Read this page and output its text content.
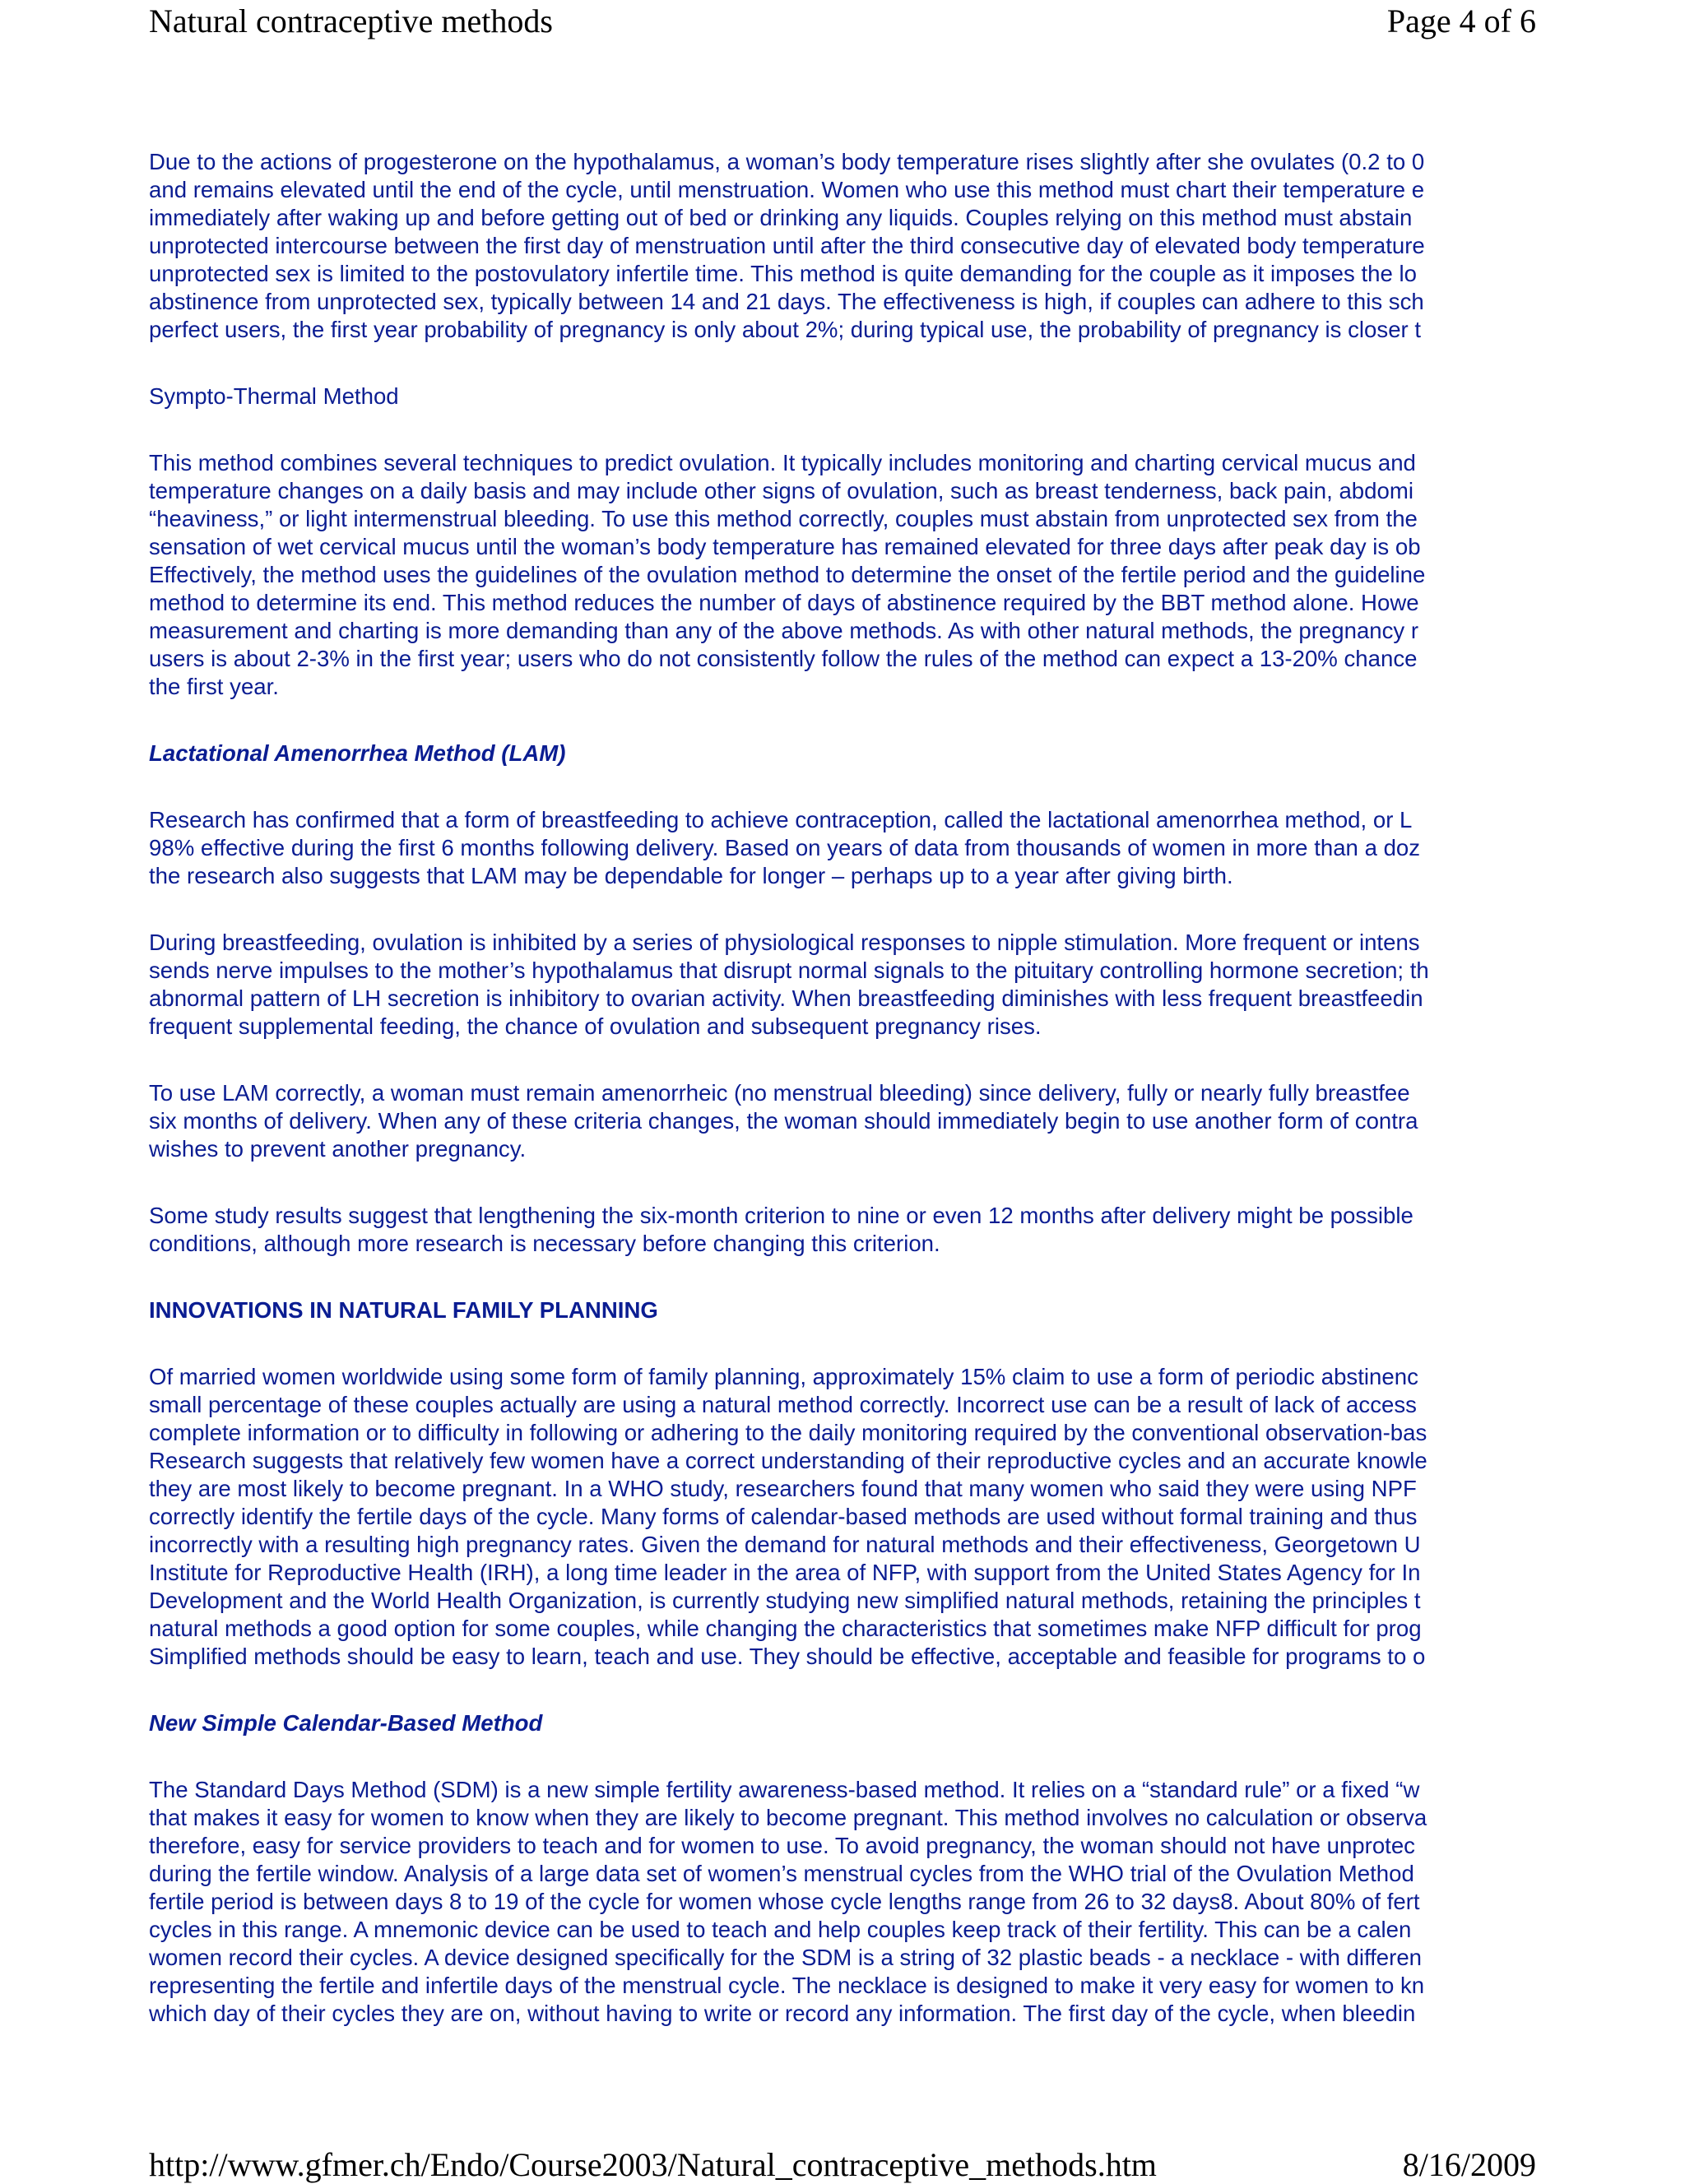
Natural contraceptive methods	Page 4 of 6
Due to the actions of progesterone on the hypothalamus, a woman’s body temperature rises slightly after she ovulates (0.2 to 0
and remains elevated until the end of the cycle, until menstruation. Women who use this method must chart their temperature e
immediately after waking up and before getting out of bed or drinking any liquids. Couples relying on this method must abstain
unprotected intercourse between the first day of menstruation until after the third consecutive day of elevated body temperature
unprotected sex is limited to the postovulatory infertile time. This method is quite demanding for the couple as it imposes the lo
abstinence from unprotected sex, typically between 14 and 21 days. The effectiveness is high, if couples can adhere to this sch
perfect users, the first year probability of pregnancy is only about 2%; during typical use, the probability of pregnancy is closer t
Sympto-Thermal Method
This method combines several techniques to predict ovulation. It typically includes monitoring and charting cervical mucus and
temperature changes on a daily basis and may include other signs of ovulation, such as breast tenderness, back pain, abdomi
“heaviness,” or light intermenstrual bleeding. To use this method correctly, couples must abstain from unprotected sex from the
sensation of wet cervical mucus until the woman’s body temperature has remained elevated for three days after peak day is ob
Effectively, the method uses the guidelines of the ovulation method to determine the onset of the fertile period and the guideline
method to determine its end. This method reduces the number of days of abstinence required by the BBT method alone. Howe
measurement and charting is more demanding than any of the above methods. As with other natural methods, the pregnancy r
users is about 2-3% in the first year; users who do not consistently follow the rules of the method can expect a 13-20% chance
the first year.
Lactational Amenorrhea Method (LAM)
Research has confirmed that a form of breastfeeding to achieve contraception, called the lactational amenorrhea method, or L
98% effective during the first 6 months following delivery. Based on years of data from thousands of women in more than a doz
the research also suggests that LAM may be dependable for longer – perhaps up to a year after giving birth.
During breastfeeding, ovulation is inhibited by a series of physiological responses to nipple stimulation. More frequent or intens
sends nerve impulses to the mother’s hypothalamus that disrupt normal signals to the pituitary controlling hormone secretion; th
abnormal pattern of LH secretion is inhibitory to ovarian activity. When breastfeeding diminishes with less frequent breastfeedin
frequent supplemental feeding, the chance of ovulation and subsequent pregnancy rises.
To use LAM correctly, a woman must remain amenorrheic (no menstrual bleeding) since delivery, fully or nearly fully breastfee
six months of delivery. When any of these criteria changes, the woman should immediately begin to use another form of contra
wishes to prevent another pregnancy.
Some study results suggest that lengthening the six-month criterion to nine or even 12 months after delivery might be possible
conditions, although more research is necessary before changing this criterion.
INNOVATIONS IN NATURAL FAMILY PLANNING
Of married women worldwide using some form of family planning, approximately 15% claim to use a form of periodic abstinenc
small percentage of these couples actually are using a natural method correctly. Incorrect use can be a result of lack of access
complete information or to difficulty in following or adhering to the daily monitoring required by the conventional observation-bas
Research suggests that relatively few women have a correct understanding of their reproductive cycles and an accurate knowle
they are most likely to become pregnant. In a WHO study, researchers found that many women who said they were using NPF
correctly identify the fertile days of the cycle. Many forms of calendar-based methods are used without formal training and thus
incorrectly with a resulting high pregnancy rates. Given the demand for natural methods and their effectiveness, Georgetown U
Institute for Reproductive Health (IRH), a long time leader in the area of NFP, with support from the United States Agency for In
Development and the World Health Organization, is currently studying new simplified natural methods, retaining the principles t
natural methods a good option for some couples, while changing the characteristics that sometimes make NFP difficult for prog
Simplified methods should be easy to learn, teach and use. They should be effective, acceptable and feasible for programs to o
New Simple Calendar-Based Method
The Standard Days Method (SDM) is a new simple fertility awareness-based method. It relies on a “standard rule” or a fixed “w
that makes it easy for women to know when they are likely to become pregnant. This method involves no calculation or observa
therefore, easy for service providers to teach and for women to use. To avoid pregnancy, the woman should not have unprotec
during the fertile window. Analysis of a large data set of women’s menstrual cycles from the WHO trial of the Ovulation Method
fertile period is between days 8 to 19 of the cycle for women whose cycle lengths range from 26 to 32 days8. About 80% of fert
cycles in this range. A mnemonic device can be used to teach and help couples keep track of their fertility. This can be a calen
women record their cycles. A device designed specifically for the SDM is a string of 32 plastic beads - a necklace - with differen
representing the fertile and infertile days of the menstrual cycle. The necklace is designed to make it very easy for women to kn
which day of their cycles they are on, without having to write or record any information. The first day of the cycle, when bleedin
http://www.gfmer.ch/Endo/Course2003/Natural_contraceptive_methods.htm	8/16/2009
